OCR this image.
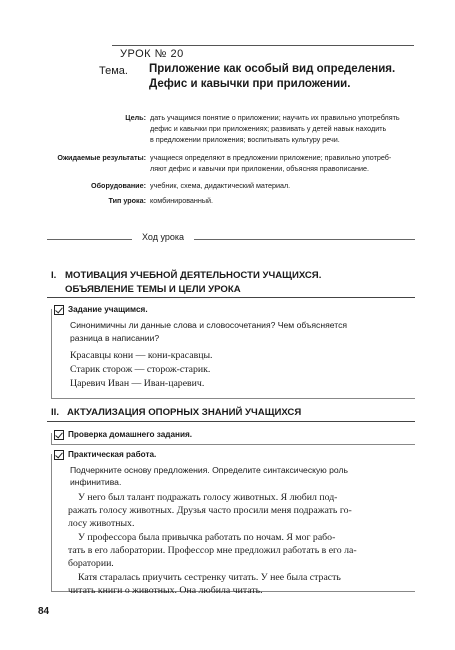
УРОК № 20
Тема.	Приложение как особый вид определения. Дефис и кавычки при приложении.
Цель: дать учащимся понятие о приложении; научить их правильно употреблять
дефис и кавычки при приложениях; развивать у детей навык находить
в предложении приложения; воспитывать культуру речи.
Ожидаемые результаты: учащиеся определяют в предложении приложение; правильно употреб-
ляют дефис и кавычки при приложении, объясняя правописание.
Оборудование: учебник, схема, дидактический материал.
Тип урока: комбинированный.
Ход урока
I. МОТИВАЦИЯ УЧЕБНОЙ ДЕЯТЕЛЬНОСТИ УЧАЩИХСЯ.
ОБЪЯВЛЕНИЕ ТЕМЫ И ЦЕЛИ УРОКА
Задание учащимся.
Синонимичны ли данные слова и словосочетания? Чем объясняется
разница в написании?
Красавцы кони — кони-красавцы.
Старик сторож — сторож-старик.
Царевич Иван — Иван-царевич.
II. АКТУАЛИЗАЦИЯ ОПОРНЫХ ЗНАНИЙ УЧАЩИХСЯ
Проверка домашнего задания.
Практическая работа.
Подчеркните основу предложения. Определите синтаксическую роль
инфинитива.
У него был талант подражать голосу животных. Я любил под-
ражать голосу животных. Друзья часто просили меня подражать го-
лосу животных.
У профессора была привычка работать по ночам. Я мог рабо-
тать в его лаборатории. Профессор мне предложил работать в его ла-
боратории.
Катя старалась приучить сестренку читать. У нее была страсть
читать книги о животных. Она любила читать.
84
